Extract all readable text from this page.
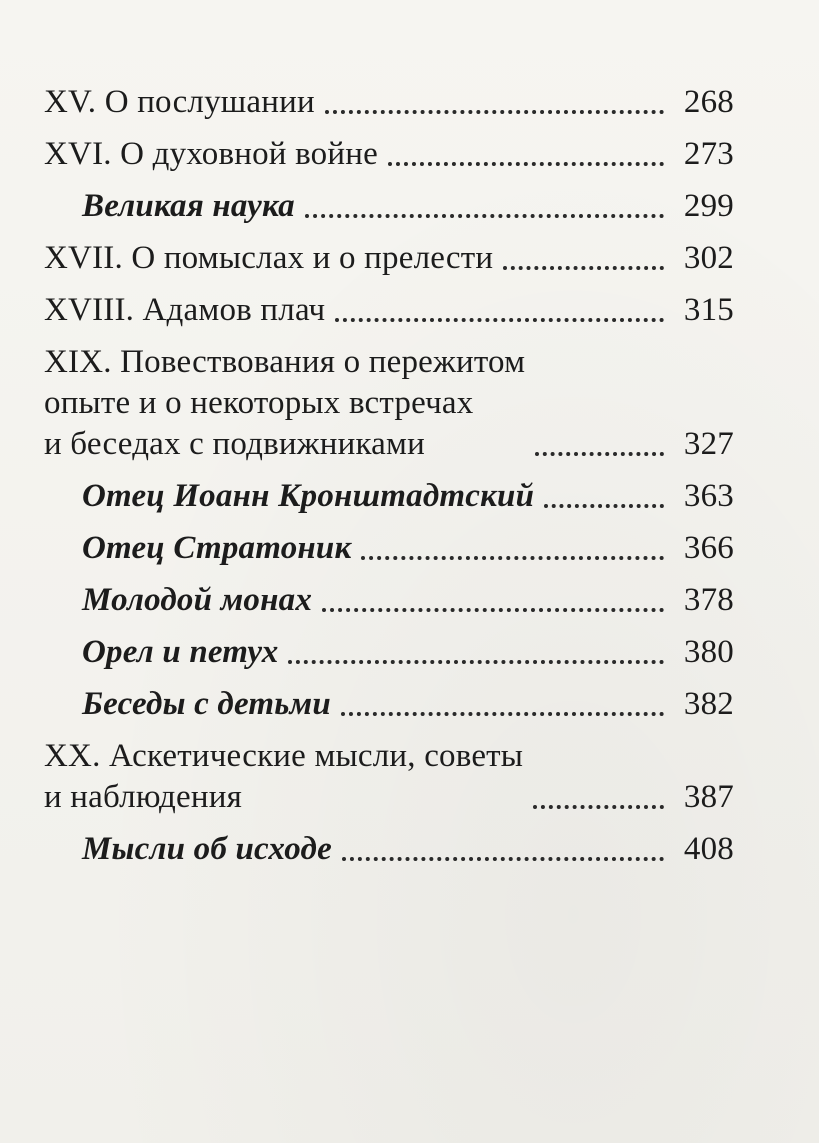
XV. О послушании	268
XVI. О духовной войне	273
Великая наука	299
XVII. О помыслах и о прелести	302
XVIII. Адамов плач	315
XIX. Повествования о пережитом
опыте и о некоторых встречах
и беседах с подвижниками	327
Отец Иоанн Кронштадтский	363
Отец Стратоник	366
Молодой монах	378
Орел и петух	380
Беседы с детьми	382
XX. Аскетические мысли, советы
и наблюдения	387
Мысли об исходе	408
